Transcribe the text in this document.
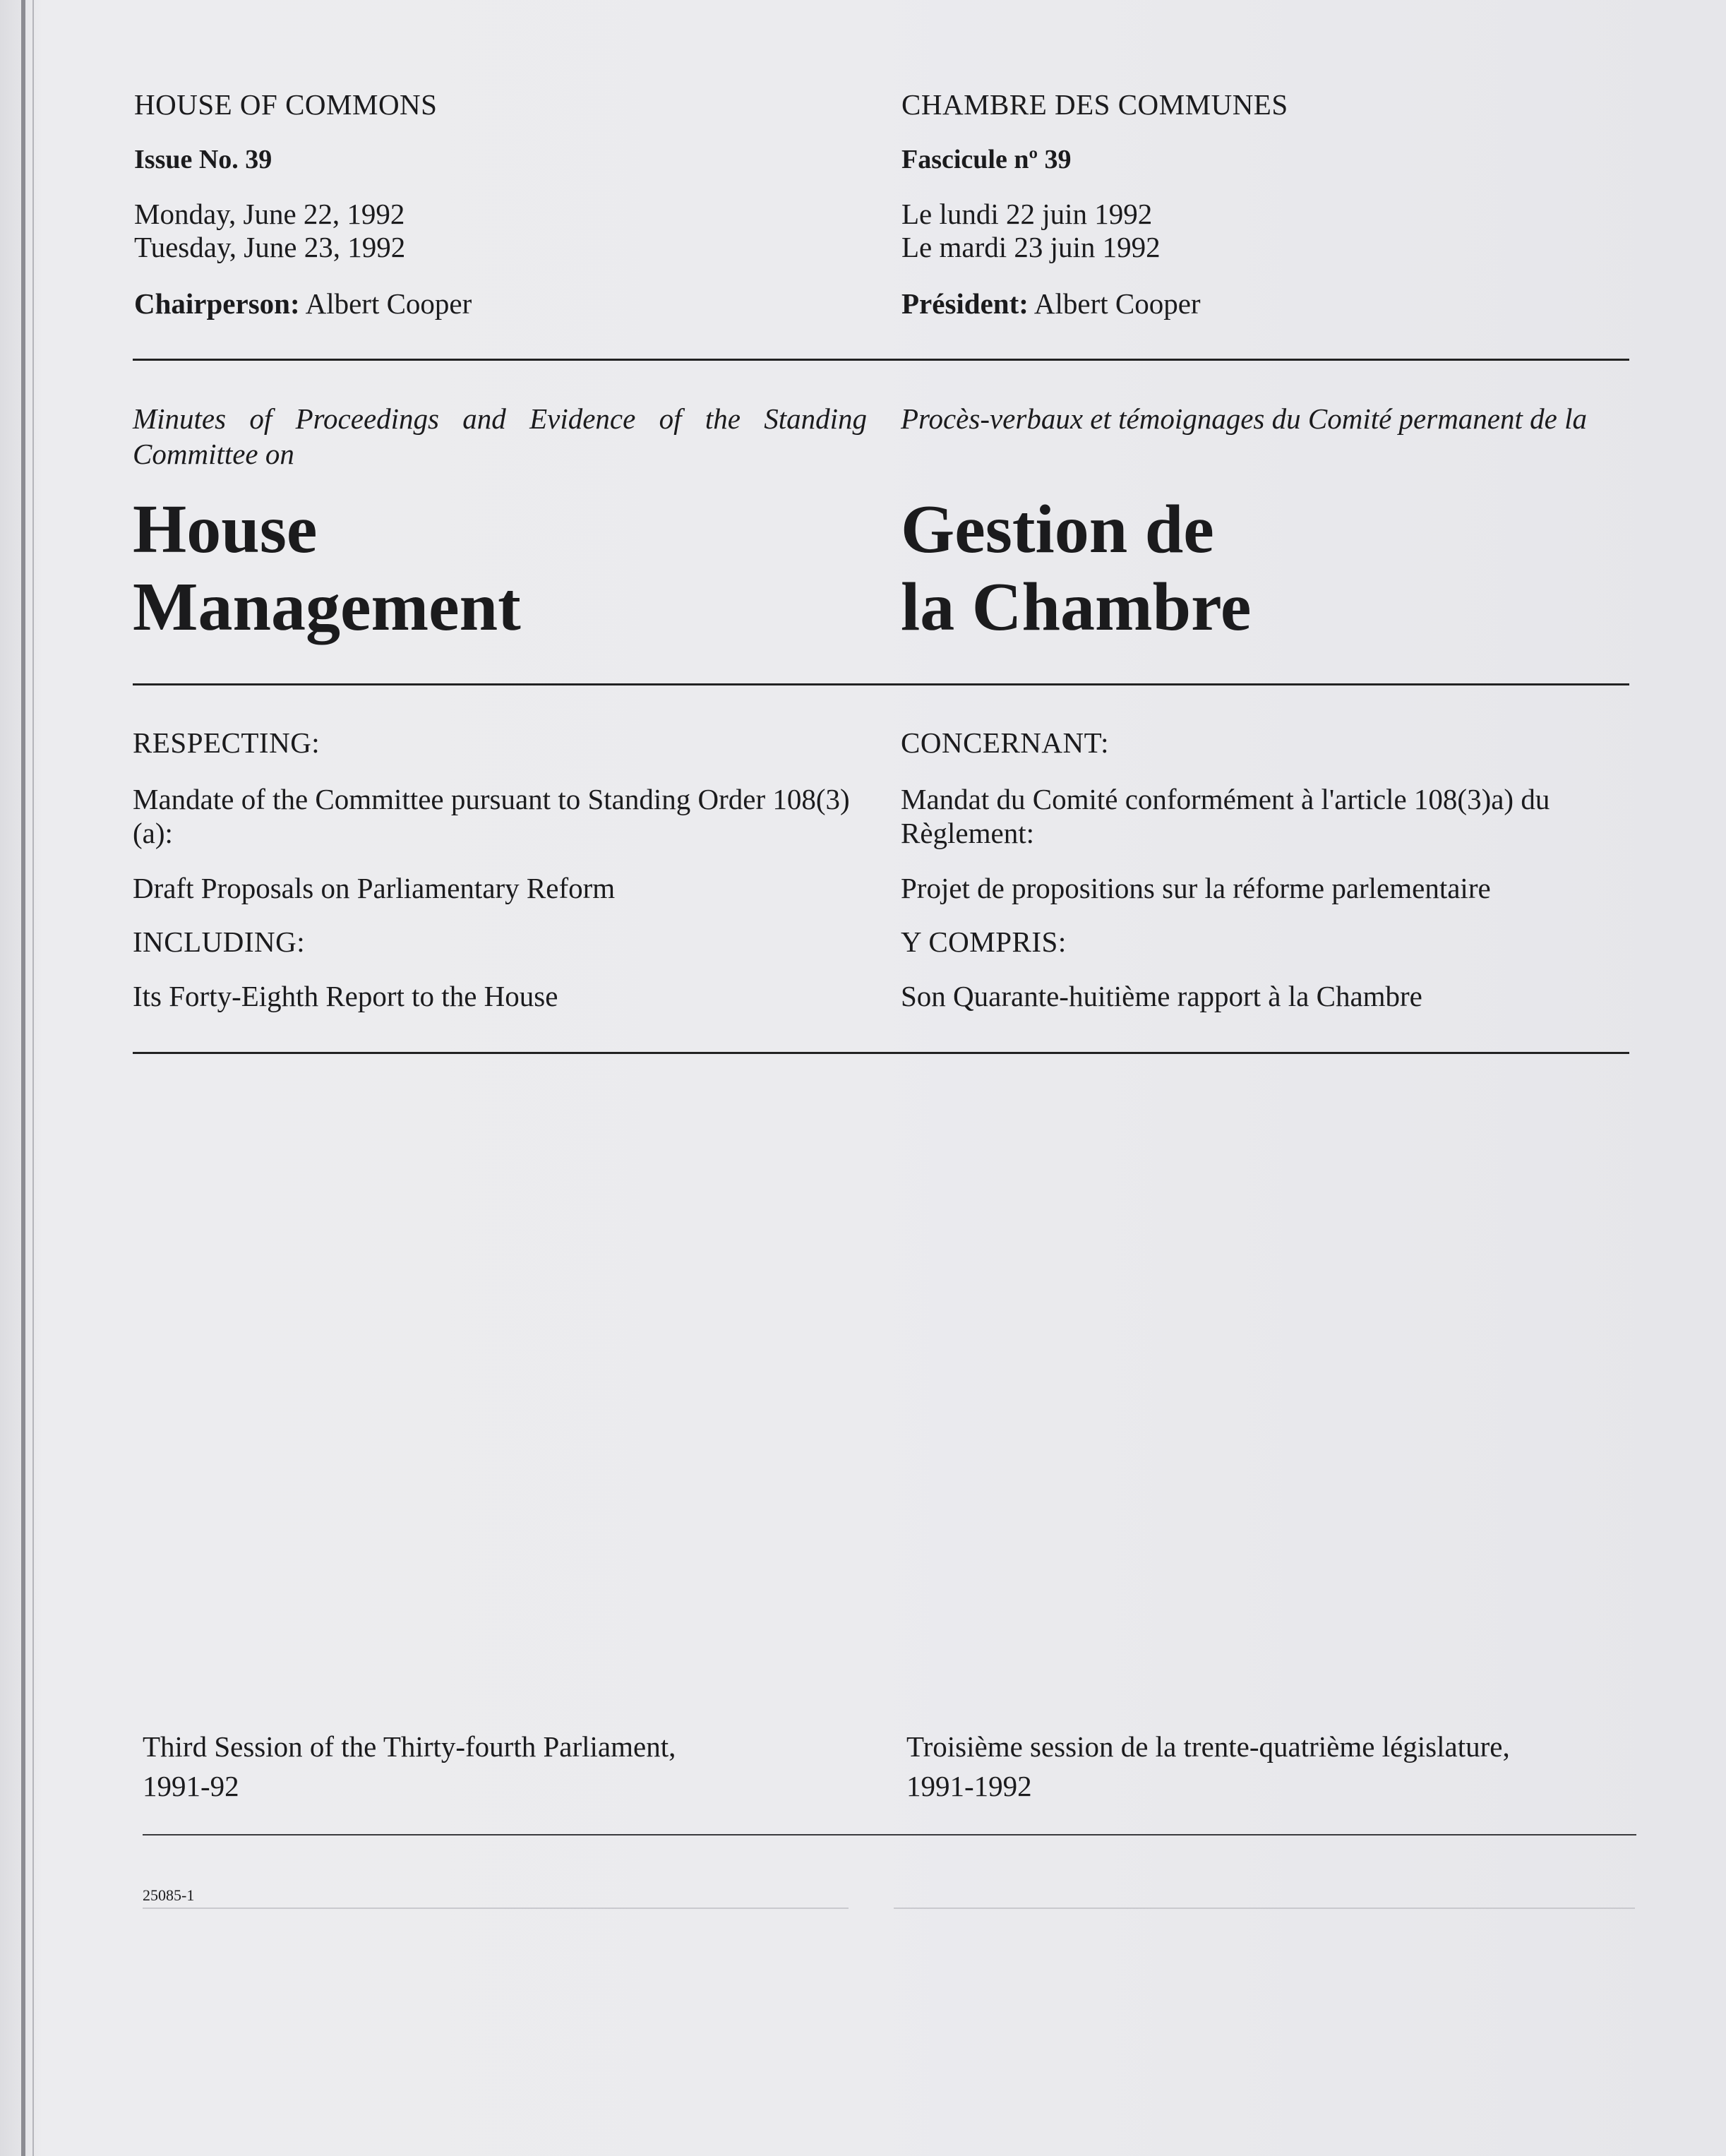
HOUSE OF COMMONS
Issue No. 39
Monday, June 22, 1992
Tuesday, June 23, 1992
Chairperson: Albert Cooper
CHAMBRE DES COMMUNES
Fascicule nº 39
Le lundi 22 juin 1992
Le mardi 23 juin 1992
Président: Albert Cooper
Minutes of Proceedings and Evidence of the Standing Committee on
Procès-verbaux et témoignages du Comité permanent de la
House
Management
Gestion de
la Chambre
RESPECTING:
Mandate of the Committee pursuant to Standing Order 108(3)(a):
Draft Proposals on Parliamentary Reform
INCLUDING:
Its Forty-Eighth Report to the House
CONCERNANT:
Mandat du Comité conformément à l'article 108(3)a) du Règlement:
Projet de propositions sur la réforme parlementaire
Y COMPRIS:
Son Quarante-huitième rapport à la Chambre
Third Session of the Thirty-fourth Parliament,
1991-92
Troisième session de la trente-quatrième législature,
1991-1992
25085-1
